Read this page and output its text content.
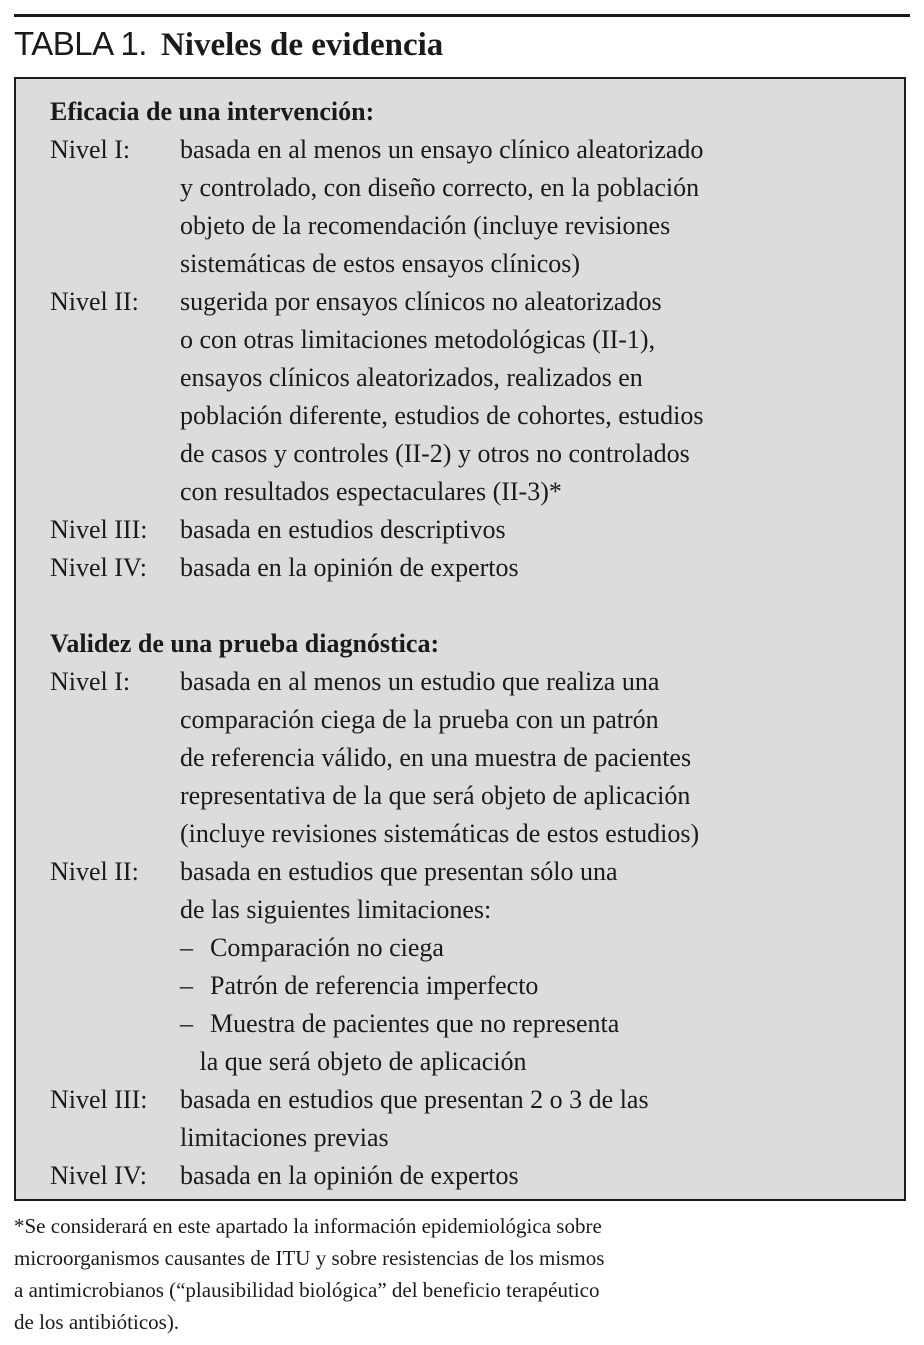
TABLA 1. Niveles de evidencia
Eficacia de una intervención:
Nivel I: basada en al menos un ensayo clínico aleatorizado
y controlado, con diseño correcto, en la población
objeto de la recomendación (incluye revisiones
sistemáticas de estos ensayos clínicos)
Nivel II: sugerida por ensayos clínicos no aleatorizados
o con otras limitaciones metodológicas (II-1),
ensayos clínicos aleatorizados, realizados en
población diferente, estudios de cohortes, estudios
de casos y controles (II-2) y otros no controlados
con resultados espectaculares (II-3)*
Nivel III: basada en estudios descriptivos
Nivel IV: basada en la opinión de expertos
Validez de una prueba diagnóstica:
Nivel I: basada en al menos un estudio que realiza una
comparación ciega de la prueba con un patrón
de referencia válido, en una muestra de pacientes
representativa de la que será objeto de aplicación
(incluye revisiones sistemáticas de estos estudios)
Nivel II: basada en estudios que presentan sólo una
de las siguientes limitaciones:
– Comparación no ciega
– Patrón de referencia imperfecto
– Muestra de pacientes que no representa
la que será objeto de aplicación
Nivel III: basada en estudios que presentan 2 o 3 de las
limitaciones previas
Nivel IV: basada en la opinión de expertos
*Se considerará en este apartado la información epidemiológica sobre
microorganismos causantes de ITU y sobre resistencias de los mismos
a antimicrobianos (“plausibilidad biológica” del beneficio terapéutico
de los antibióticos).
